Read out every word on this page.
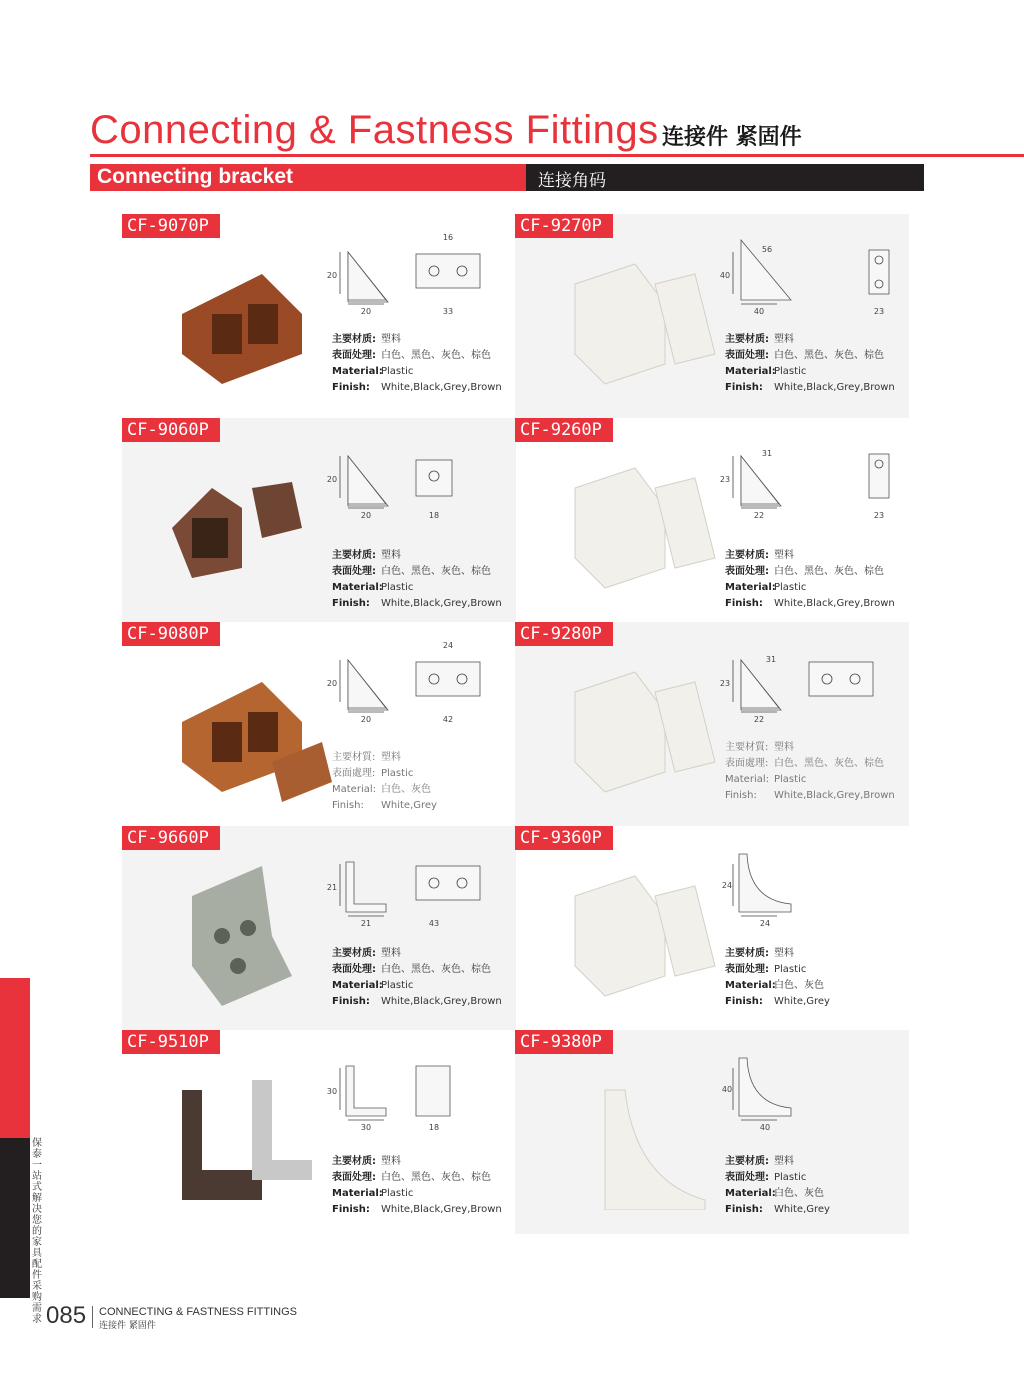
Connecting & Fastness Fittings 连接件 紧固件
Connecting bracket	连接角码
CF-9070P
20
20
16
33
主要材质: 塑料
表面处理: 白色、黑色、灰色、棕色
Material:Plastic
Finish: White,Black,Grey,Brown
CF-9270P
40
40
56
23
主要材质: 塑料
表面处理: 白色、黑色、灰色、棕色
Material:Plastic
Finish: White,Black,Grey,Brown
CF-9060P
20
20	18
主要材质: 塑料
表面处理: 白色、黑色、灰色、棕色
Material:Plastic
Finish: White,Black,Grey,Brown
CF-9260P
23
22
31
23
主要材质: 塑料
表面处理: 白色、黑色、灰色、棕色
Material:Plastic
Finish: White,Black,Grey,Brown
CF-9080P
20
20
24
42
主要材質: 塑料
表面處理: Plastic
Material: 白色、灰色
Finish: White,Grey
CF-9280P
23
22
31
主要材質: 塑料
表面處理: 白色、黑色、灰色、棕色
Material: Plastic
Finish: White,Black,Grey,Brown
CF-9660P
21
21	43
主要材质: 塑料
表面处理: 白色、黑色、灰色、棕色
Material:Plastic
Finish: White,Black,Grey,Brown
CF-9360P
24
24
主要材质: 塑料
表面处理: Plastic
Material:白色、灰色
Finish: White,Grey
CF-9510P
30
30	18
主要材质: 塑料
表面处理: 白色、黑色、灰色、棕色
Material:Plastic
Finish: White,Black,Grey,Brown
CF-9380P
40
40
主要材质: 塑料
表面处理: Plastic
Material:白色、灰色
Finish: White,Grey
保泰 一站式解决您的家具配件采购需求 085 CONNECTING & FASTNESS FITTINGS
连接件 紧固件
